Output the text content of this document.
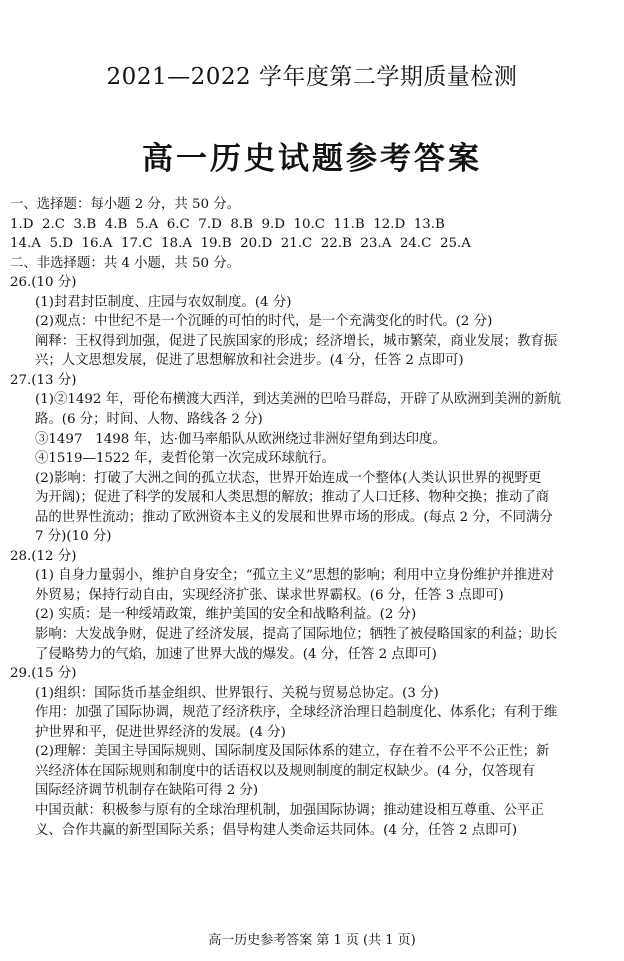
2021—2022 学年度第二学期质量检测
高一历史试题参考答案
一、选择题：每小题 2 分，共 50 分。
1.D  2.C  3.B  4.B  5.A  6.C  7.D  8.B  9.D  10.C  11.B  12.D  13.B
14.A  5.D  16.A  17.C  18.A  19.B  20.D  21.C  22.B  23.A  24.C  25.A
二、非选择题：共 4 小题，共 50 分。
26.(10 分)
(1)封君封臣制度、庄园与农奴制度。(4 分)
(2)观点：中世纪不是一个沉睡的可怕的时代，是一个充满变化的时代。(2 分)
阐释：王权得到加强，促进了民族国家的形成；经济增长，城市繁荣，商业发展；教育振
兴；人文思想发展，促进了思想解放和社会进步。(4 分，任答 2 点即可)
27.(13 分)
(1)②1492 年，哥伦布横渡大西洋，到达美洲的巴哈马群岛，开辟了从欧洲到美洲的新航
路。(6 分；时间、人物、路线各 2 分)
③1497   1498 年，达·伽马率船队从欧洲绕过非洲好望角到达印度。
④1519—1522 年，麦哲伦第一次完成环球航行。
(2)影响：打破了大洲之间的孤立状态，世界开始连成一个整体(人类认识世界的视野更
为开阔)；促进了科学的发展和人类思想的解放；推动了人口迁移、物种交换；推动了商
品的世界性流动；推动了欧洲资本主义的发展和世界市场的形成。(每点 2 分，不同满分
7 分)(10 分)
28.(12 分)
(1) 自身力量弱小，维护自身安全；“孤立主义”思想的影响；利用中立身份维护并推进对
外贸易；保持行动自由，实现经济扩张、谋求世界霸权。(6 分，任答 3 点即可)
(2) 实质：是一种绥靖政策，维护美国的安全和战略利益。(2 分)
影响：大发战争财，促进了经济发展，提高了国际地位；牺牲了被侵略国家的利益；助长
了侵略势力的气焰，加速了世界大战的爆发。(4 分，任答 2 点即可)
29.(15 分)
(1)组织：国际货币基金组织、世界银行、关税与贸易总协定。(3 分)
作用：加强了国际协调，规范了经济秩序，全球经济治理日趋制度化、体系化；有利于维
护世界和平，促进世界经济的发展。(4 分)
(2)理解：美国主导国际规则、国际制度及国际体系的建立，存在着不公平不公正性；新
兴经济体在国际规则和制度中的话语权以及规则制度的制定权缺少。(4 分，仅答现有
国际经济调节机制存在缺陷可得 2 分)
中国贡献：积极参与原有的全球治理机制，加强国际协调；推动建设相互尊重、公平正
义、合作共赢的新型国际关系；倡导构建人类命运共同体。(4 分，任答 2 点即可)
高一历史参考答案 第 1 页 (共 1 页)
